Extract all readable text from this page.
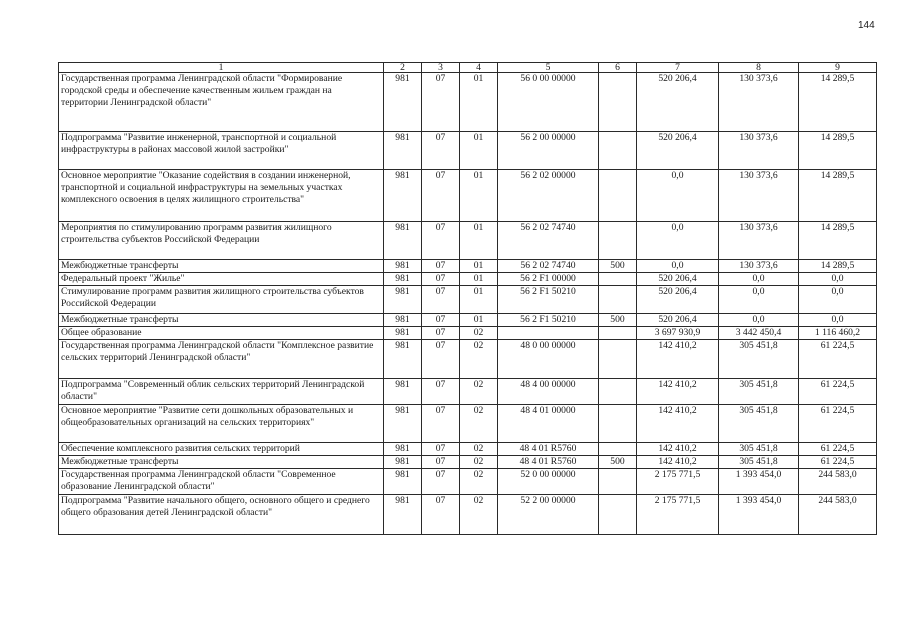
144
1	2	3	4	5	6	7	8	9
Государственная программа Ленинградской области "Формирование городской среды и обеспечение качественным жильем граждан на территории Ленинградской области"	981	07	01	56 0 00 00000		520 206,4	130 373,6	14 289,5
Подпрограмма "Развитие инженерной, транспортной и социальной инфраструктуры в районах массовой жилой застройки"	981	07	01	56 2 00 00000		520 206,4	130 373,6	14 289,5
Основное мероприятие "Оказание содействия в создании инженерной, транспортной и социальной инфраструктуры на земельных участках комплексного освоения в целях жилищного строительства"	981	07	01	56 2 02 00000		0,0	130 373,6	14 289,5
Мероприятия по стимулированию программ развития жилищного строительства субъектов Российской Федерации	981	07	01	56 2 02 74740		0,0	130 373,6	14 289,5
Межбюджетные трансферты	981	07	01	56 2 02 74740	500	0,0	130 373,6	14 289,5
Федеральный проект "Жилье"	981	07	01	56 2 F1 00000		520 206,4	0,0	0,0
Стимулирование программ развития жилищного строительства субъектов Российской Федерации	981	07	01	56 2 F1 50210		520 206,4	0,0	0,0
Межбюджетные трансферты	981	07	01	56 2 F1 50210	500	520 206,4	0,0	0,0
Общее образование	981	07	02			3 697 930,9	3 442 450,4	1 116 460,2
Государственная программа Ленинградской области "Комплексное развитие сельских территорий Ленинградской области"	981	07	02	48 0 00 00000		142 410,2	305 451,8	61 224,5
Подпрограмма "Современный облик сельских территорий Ленинградской области"	981	07	02	48 4 00 00000		142 410,2	305 451,8	61 224,5
Основное мероприятие "Развитие сети дошкольных образовательных и общеобразовательных организаций на сельских территориях"	981	07	02	48 4 01 00000		142 410,2	305 451,8	61 224,5
Обеспечение комплексного развития сельских территорий	981	07	02	48 4 01 R5760		142 410,2	305 451,8	61 224,5
Межбюджетные трансферты	981	07	02	48 4 01 R5760	500	142 410,2	305 451,8	61 224,5
Государственная программа Ленинградской области "Современное образование Ленинградской области"	981	07	02	52 0 00 00000		2 175 771,5	1 393 454,0	244 583,0
Подпрограмма "Развитие начального общего, основного общего и среднего общего образования детей Ленинградской области"	981	07	02	52 2 00 00000		2 175 771,5	1 393 454,0	244 583,0
